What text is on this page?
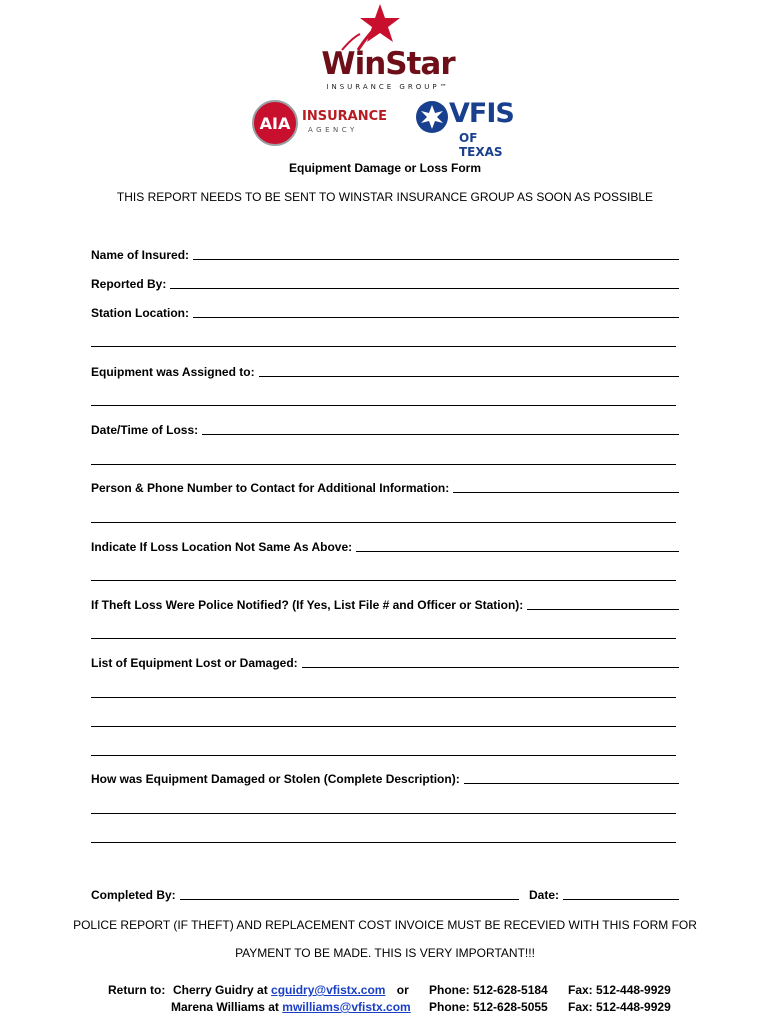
WinStar
INSURANCE GROUP™
AIA INSURANCE
AGENCY
VFIS
OF TEXAS
Equipment Damage or Loss Form
THIS REPORT NEEDS TO BE SENT TO WINSTAR INSURANCE GROUP AS SOON AS POSSIBLE
Name of Insured:
Reported By:
Station Location:
Equipment was Assigned to:
Date/Time of Loss:
Person & Phone Number to Contact for Additional Information:
Indicate If Loss Location Not Same As Above:
If Theft Loss Were Police Notified? (If Yes, List File # and Officer or Station):
List of Equipment Lost or Damaged:
How was Equipment Damaged or Stolen (Complete Description):
Completed By:	Date:
POLICE REPORT (IF THEFT) AND REPLACEMENT COST INVOICE MUST BE RECEVIED WITH THIS FORM FOR
PAYMENT TO BE MADE. THIS IS VERY IMPORTANT!!!
Return to: Cherry Guidry at cguidry@vfistx.com or Phone: 512-628-5184 Fax: 512-448-9929
Marena Williams at mwilliams@vfistx.com Phone: 512-628-5055 Fax: 512-448-9929
